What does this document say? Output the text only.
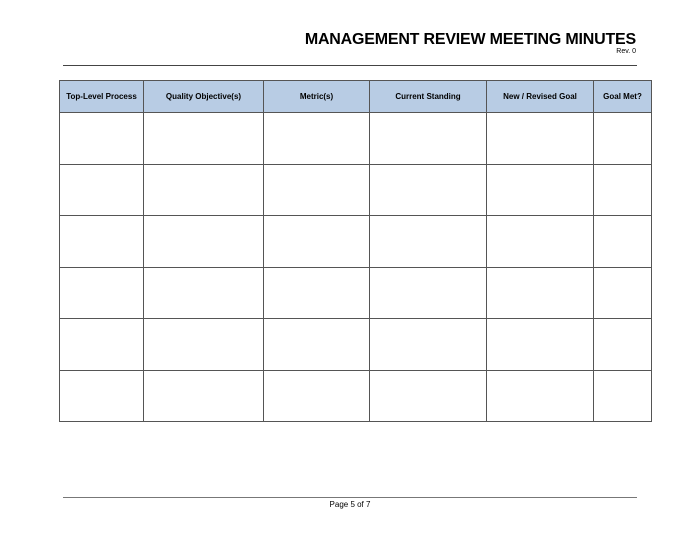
MANAGEMENT REVIEW MEETING MINUTES
Rev. 0
Top-Level Process	Quality Objective(s)	Metric(s)	Current Standing	New / Revised Goal	Goal Met?

Page 5 of 7
